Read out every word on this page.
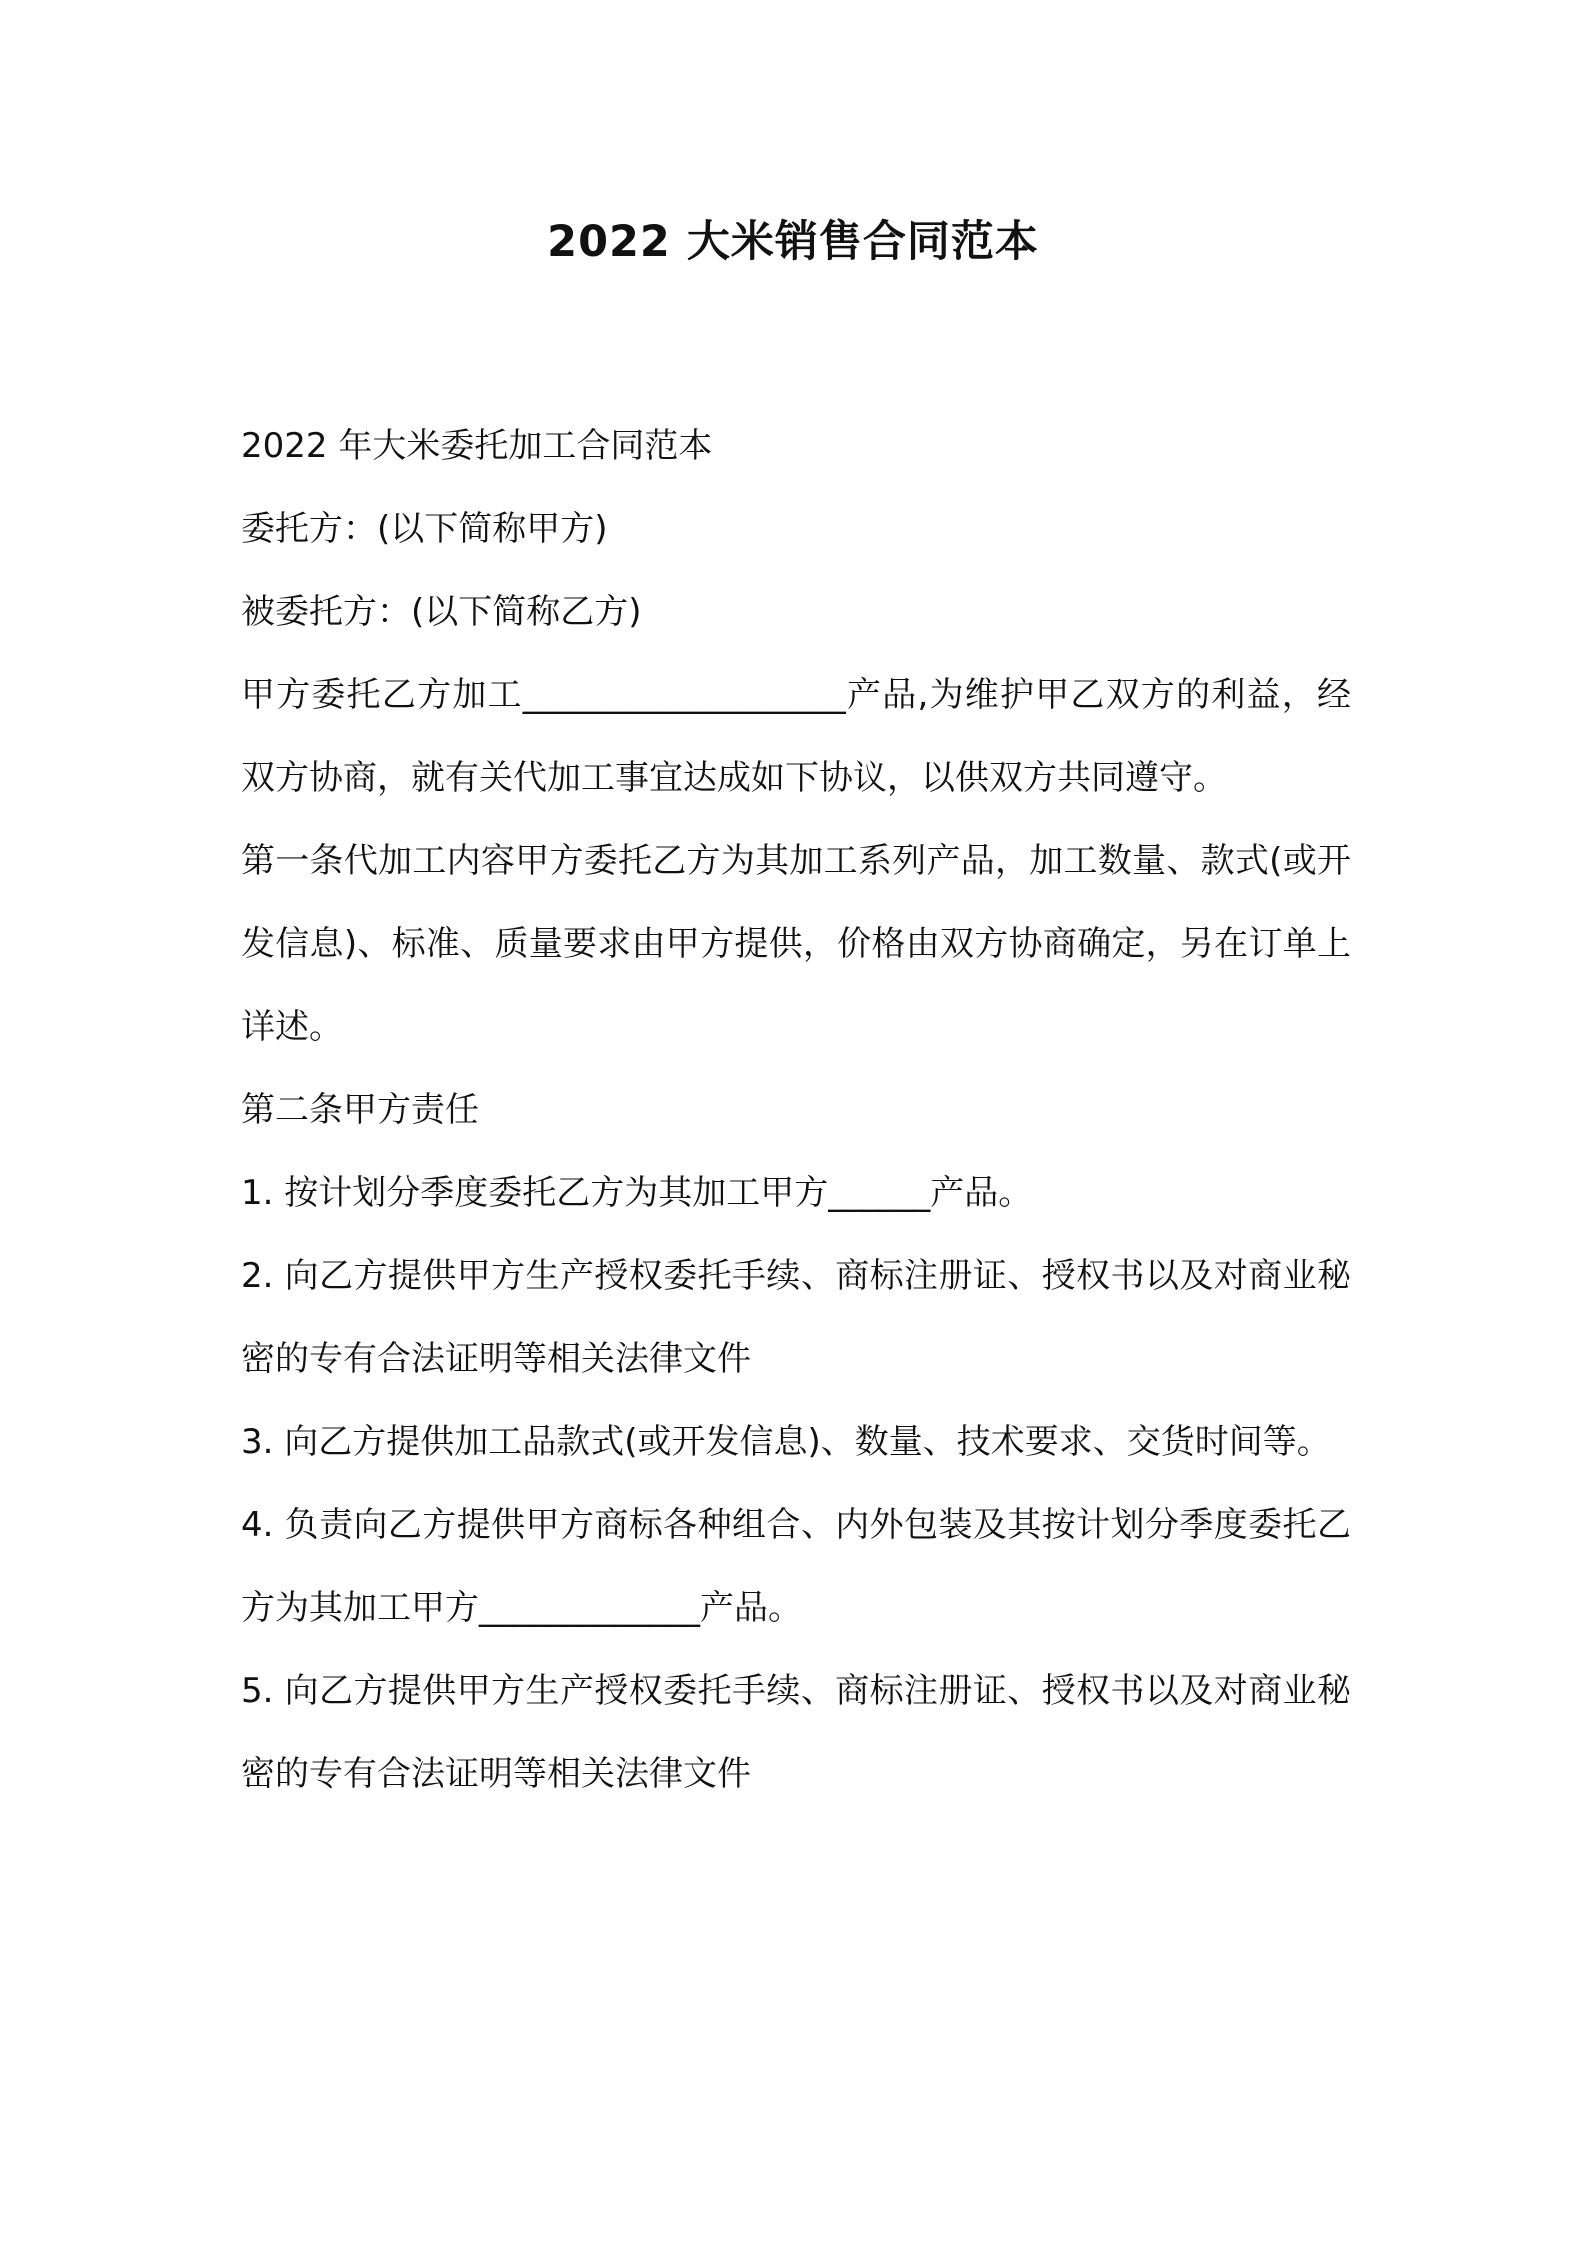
2022 大米销售合同范本

2022 年大米委托加工合同范本

委托方：(以下简称甲方)

被委托方：(以下简称乙方)

甲方委托乙方加工___________________产品,为维护甲乙双方的利益，经双方协商，就有关代加工事宜达成如下协议，以供双方共同遵守。

第一条代加工内容甲方委托乙方为其加工系列产品，加工数量、款式(或开发信息)、标准、质量要求由甲方提供，价格由双方协商确定，另在订单上详述。

第二条甲方责任

1. 按计划分季度委托乙方为其加工甲方______产品。

2. 向乙方提供甲方生产授权委托手续、商标注册证、授权书以及对商业秘密的专有合法证明等相关法律文件

3. 向乙方提供加工品款式(或开发信息)、数量、技术要求、交货时间等。

4. 负责向乙方提供甲方商标各种组合、内外包装及其按计划分季度委托乙方为其加工甲方_____________产品。

5. 向乙方提供甲方生产授权委托手续、商标注册证、授权书以及对商业秘密的专有合法证明等相关法律文件
